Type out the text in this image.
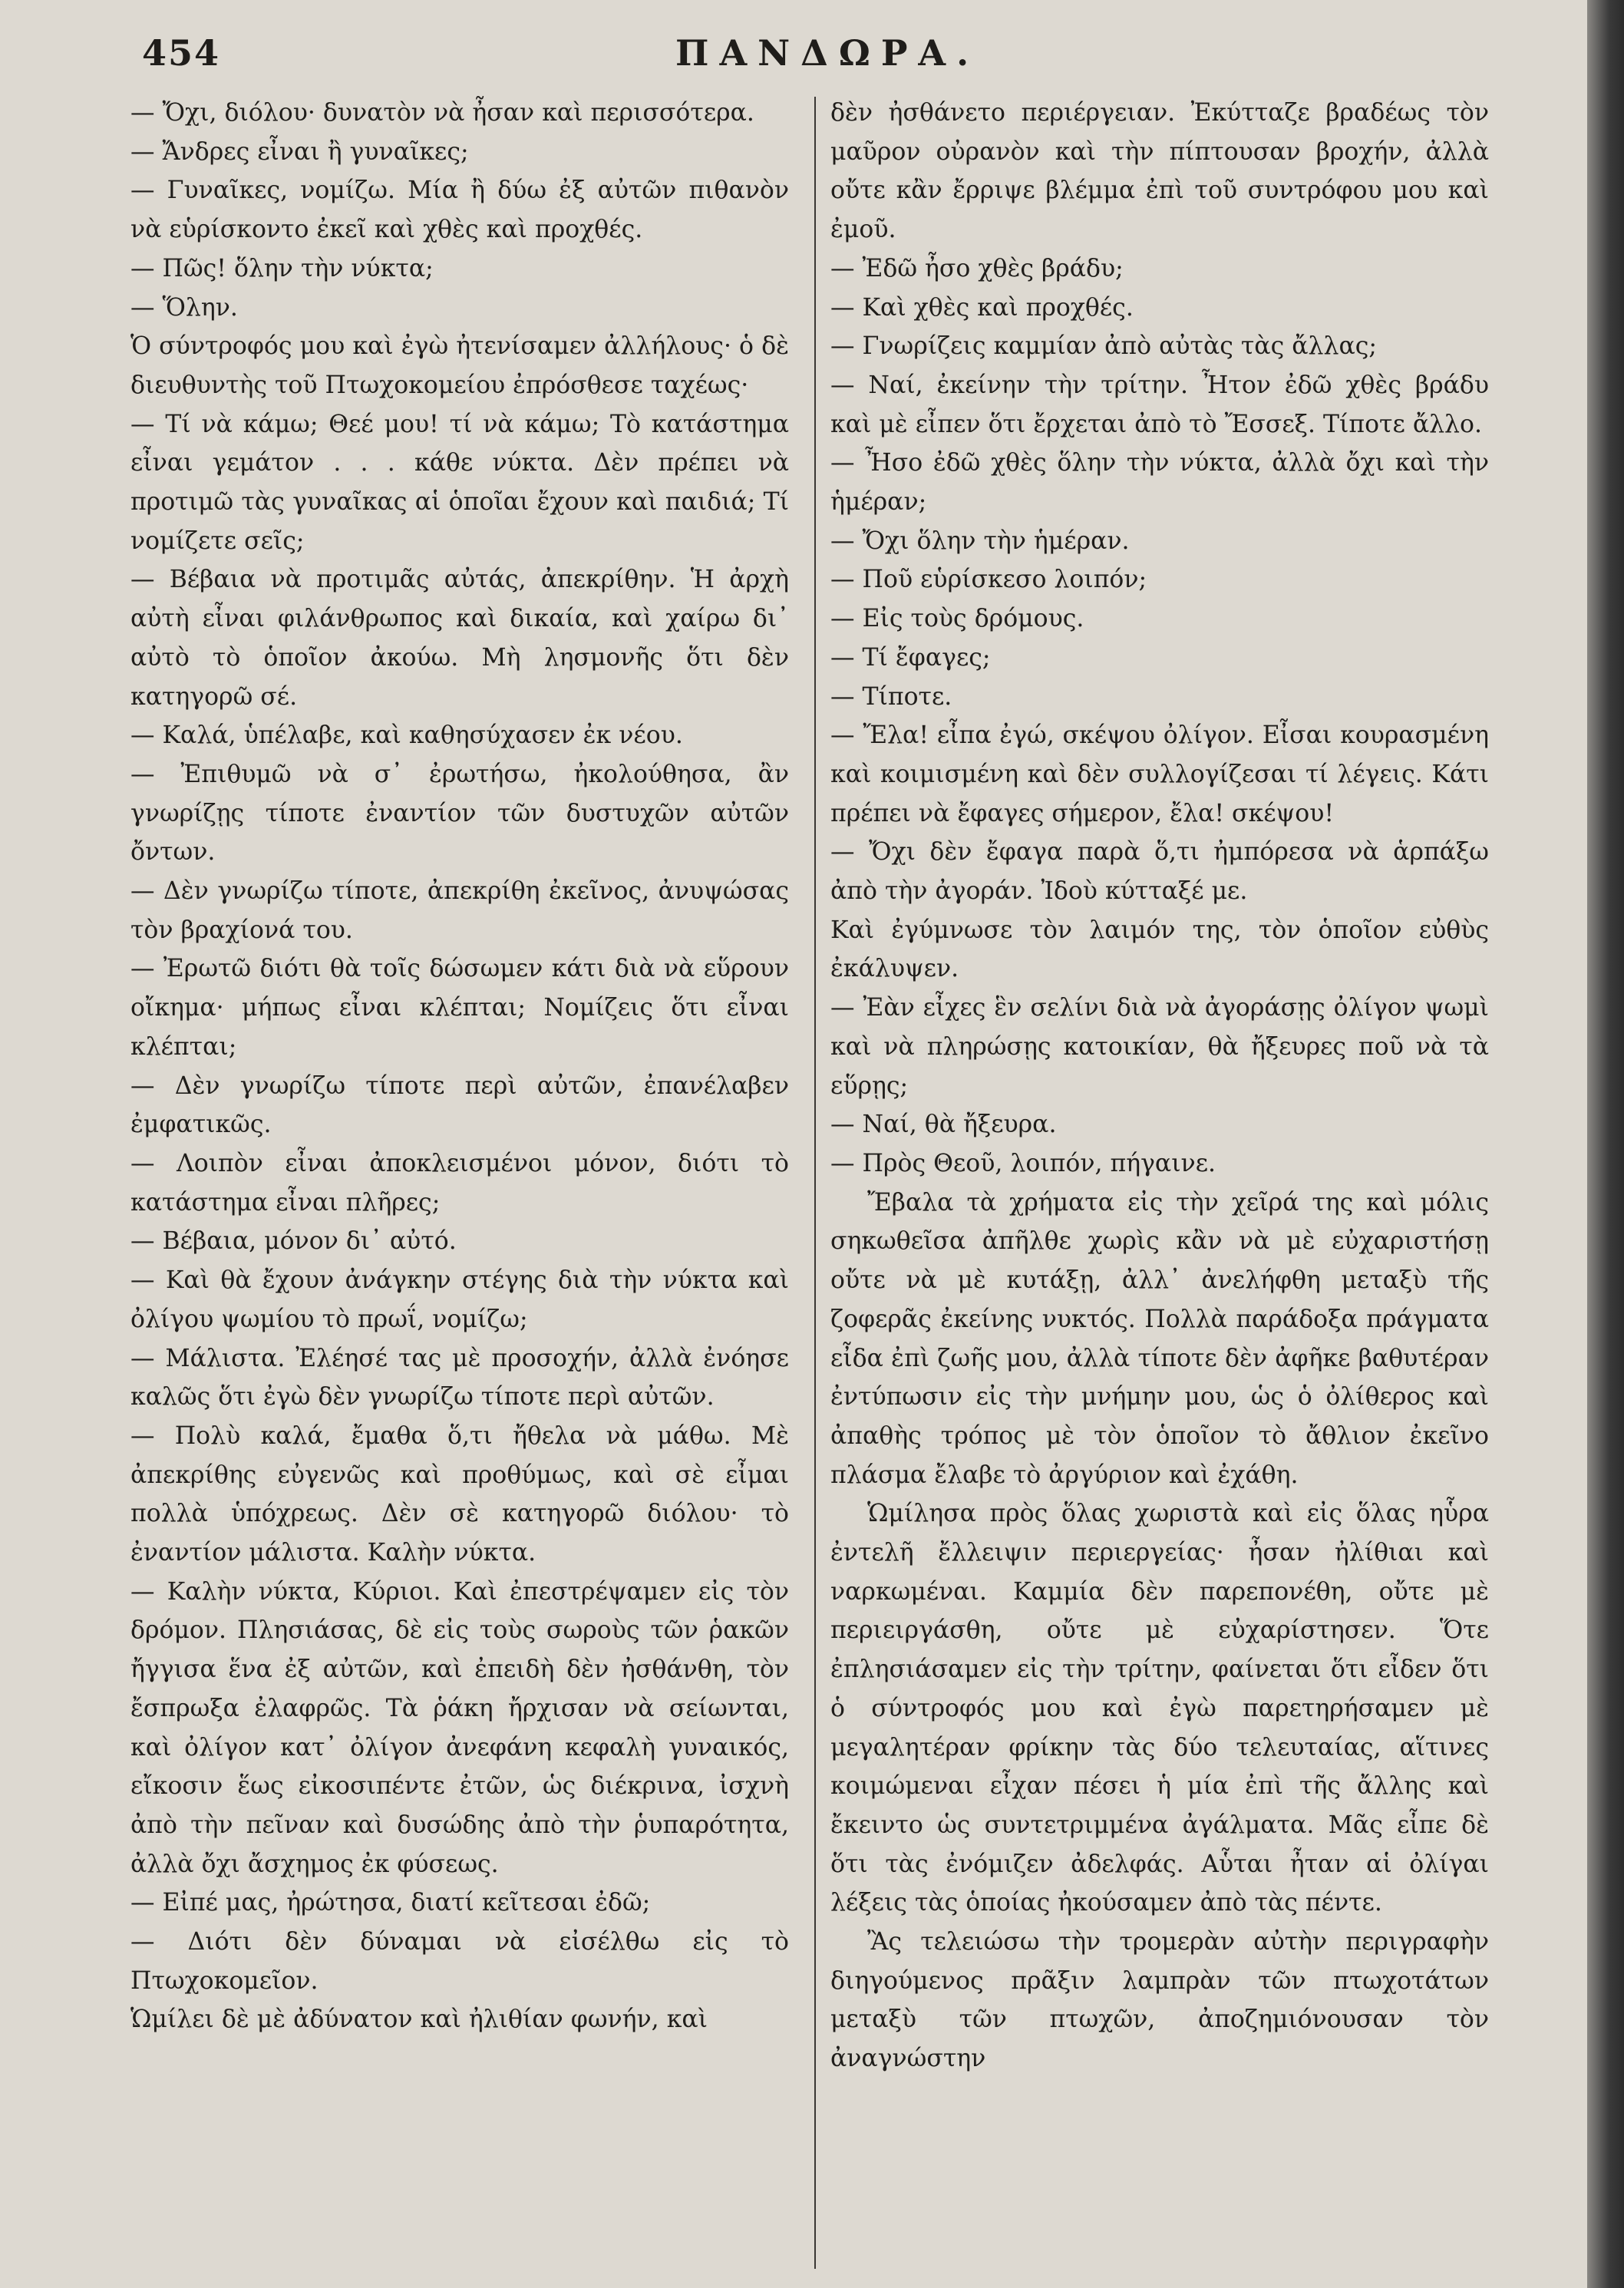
454	ΠΑΝΔΩΡΑ.

— Ὄχι, διόλου· δυνατὸν νὰ ἦσαν καὶ περισσότερα.

— Ἄνδρες εἶναι ἢ γυναῖκες;

— Γυναῖκες, νομίζω. Μία ἢ δύω ἐξ αὐτῶν πιθανὸν νὰ εὑρίσκοντο ἐκεῖ καὶ χθὲς καὶ προχθές.

— Πῶς! ὅλην τὴν νύκτα;

— Ὅλην.

Ὁ σύντροφός μου καὶ ἐγὼ ἠτενίσαμεν ἀλλήλους· ὁ δὲ διευθυντὴς τοῦ Πτωχοκομείου ἐπρόσθεσε ταχέως·

— Τί νὰ κάμω; Θεέ μου! τί νὰ κάμω; Τὸ κατάστημα εἶναι γεμάτον . . . κάθε νύκτα. Δὲν πρέπει νὰ προτιμῶ τὰς γυναῖκας αἱ ὁποῖαι ἔχουν καὶ παιδιά; Τί νομίζετε σεῖς;

— Βέβαια νὰ προτιμᾶς αὐτάς, ἀπεκρίθην. Ἡ ἀρχὴ αὐτὴ εἶναι φιλάνθρωπος καὶ δικαία, καὶ χαίρω δι᾽ αὐτὸ τὸ ὁποῖον ἀκούω. Μὴ λησμονῆς ὅτι δὲν κατηγορῶ σέ.

— Καλά, ὑπέλαβε, καὶ καθησύχασεν ἐκ νέου.

— Ἐπιθυμῶ νὰ σ᾽ ἐρωτήσω, ἠκολούθησα, ἂν γνωρίζῃς τίποτε ἐναντίον τῶν δυστυχῶν αὐτῶν ὄντων.

— Δὲν γνωρίζω τίποτε, ἀπεκρίθη ἐκεῖνος, ἀνυψώσας τὸν βραχίονά του.

— Ἐρωτῶ διότι θὰ τοῖς δώσωμεν κάτι διὰ νὰ εὕρουν οἴκημα· μήπως εἶναι κλέπται; Νομίζεις ὅτι εἶναι κλέπται;

— Δὲν γνωρίζω τίποτε περὶ αὐτῶν, ἐπανέλαβεν ἐμφατικῶς.

— Λοιπὸν εἶναι ἀποκλεισμένοι μόνον, διότι τὸ κατάστημα εἶναι πλῆρες;

— Βέβαια, μόνον δι᾽ αὐτό.

— Καὶ θὰ ἔχουν ἀνάγκην στέγης διὰ τὴν νύκτα καὶ ὀλίγου ψωμίου τὸ πρωΐ, νομίζω;

— Μάλιστα. Ἐλέησέ τας μὲ προσοχήν, ἀλλὰ ἐνόησε καλῶς ὅτι ἐγὼ δὲν γνωρίζω τίποτε περὶ αὐτῶν.

— Πολὺ καλά, ἔμαθα ὅ,τι ἤθελα νὰ μάθω. Μὲ ἀπεκρίθης εὐγενῶς καὶ προθύμως, καὶ σὲ εἶμαι πολλὰ ὑπόχρεως. Δὲν σὲ κατηγορῶ διόλου· τὸ ἐναντίον μάλιστα. Καλὴν νύκτα.

— Καλὴν νύκτα, Κύριοι. Καὶ ἐπεστρέψαμεν εἰς τὸν δρόμον. Πλησιάσας, δὲ εἰς τοὺς σωροὺς τῶν ῥακῶν ἤγγισα ἕνα ἐξ αὐτῶν, καὶ ἐπειδὴ δὲν ἠσθάνθη, τὸν ἔσπρωξα ἐλαφρῶς. Τὰ ῥάκη ἤρχισαν νὰ σείωνται, καὶ ὀλίγον κατ᾽ ὀλίγον ἀνεφάνη κεφαλὴ γυναικός, εἴκοσιν ἕως εἰκοσιπέντε ἐτῶν, ὡς διέκρινα, ἰσχνὴ ἀπὸ τὴν πεῖναν καὶ δυσώδης ἀπὸ τὴν ῥυπαρότητα, ἀλλὰ ὄχι ἄσχημος ἐκ φύσεως.

— Εἰπέ μας, ἠρώτησα, διατί κεῖτεσαι ἐδῶ;

— Διότι δὲν δύναμαι νὰ εἰσέλθω εἰς τὸ Πτωχοκομεῖον.

Ὡμίλει δὲ μὲ ἀδύνατον καὶ ἠλιθίαν φωνήν, καὶ

δὲν ἠσθάνετο περιέργειαν. Ἐκύτταζε βραδέως τὸν μαῦρον οὐρανὸν καὶ τὴν πίπτουσαν βροχήν, ἀλλὰ οὔτε κἂν ἔρριψε βλέμμα ἐπὶ τοῦ συντρόφου μου καὶ ἐμοῦ.

— Ἐδῶ ἦσο χθὲς βράδυ;

— Καὶ χθὲς καὶ προχθές.

— Γνωρίζεις καμμίαν ἀπὸ αὐτὰς τὰς ἄλλας;

— Ναί, ἐκείνην τὴν τρίτην. Ἦτον ἐδῶ χθὲς βράδυ καὶ μὲ εἶπεν ὅτι ἔρχεται ἀπὸ τὸ Ἔσσεξ. Τίποτε ἄλλο.

— Ἦσο ἐδῶ χθὲς ὅλην τὴν νύκτα, ἀλλὰ ὄχι καὶ τὴν ἡμέραν;

— Ὄχι ὅλην τὴν ἡμέραν.

— Ποῦ εὑρίσκεσο λοιπόν;

— Εἰς τοὺς δρόμους.

— Τί ἔφαγες;

— Τίποτε.

— Ἔλα! εἶπα ἐγώ, σκέψου ὀλίγον. Εἶσαι κουρασμένη καὶ κοιμισμένη καὶ δὲν συλλογίζεσαι τί λέγεις. Κάτι πρέπει νὰ ἔφαγες σήμερον, ἔλα! σκέψου!

— Ὄχι δὲν ἔφαγα παρὰ ὅ,τι ἠμπόρεσα νὰ ἁρπάξω ἀπὸ τὴν ἀγοράν. Ἰδοὺ κύτταξέ με.

Καὶ ἐγύμνωσε τὸν λαιμόν της, τὸν ὁποῖον εὐθὺς ἐκάλυψεν.

— Ἐὰν εἶχες ἓν σελίνι διὰ νὰ ἀγοράσῃς ὀλίγον ψωμὶ καὶ νὰ πληρώσῃς κατοικίαν, θὰ ἤξευρες ποῦ νὰ τὰ εὕρῃς;

— Ναί, θὰ ἤξευρα.

— Πρὸς Θεοῦ, λοιπόν, πήγαινε.

Ἔβαλα τὰ χρήματα εἰς τὴν χεῖρά της καὶ μόλις σηκωθεῖσα ἀπῆλθε χωρὶς κἂν νὰ μὲ εὐχαριστήσῃ οὔτε νὰ μὲ κυτάξῃ, ἀλλ᾽ ἀνελήφθη μεταξὺ τῆς ζοφερᾶς ἐκείνης νυκτός. Πολλὰ παράδοξα πράγματα εἶδα ἐπὶ ζωῆς μου, ἀλλὰ τίποτε δὲν ἀφῆκε βαθυτέραν ἐντύπωσιν εἰς τὴν μνήμην μου, ὡς ὁ ὀλίθερος καὶ ἀπαθὴς τρόπος μὲ τὸν ὁποῖον τὸ ἄθλιον ἐκεῖνο πλάσμα ἔλαβε τὸ ἀργύριον καὶ ἐχάθη.

Ὡμίλησα πρὸς ὅλας χωριστὰ καὶ εἰς ὅλας ηὗρα ἐντελῆ ἔλλειψιν περιεργείας· ἦσαν ἠλίθιαι καὶ ναρκωμέναι. Καμμία δὲν παρεπονέθη, οὔτε μὲ περιειργάσθη, οὔτε μὲ εὐχαρίστησεν. Ὅτε ἐπλησιάσαμεν εἰς τὴν τρίτην, φαίνεται ὅτι εἶδεν ὅτι ὁ σύντροφός μου καὶ ἐγὼ παρετηρήσαμεν μὲ μεγαλητέραν φρίκην τὰς δύο τελευταίας, αἵτινες κοιμώμεναι εἶχαν πέσει ἡ μία ἐπὶ τῆς ἄλλης καὶ ἔκειντο ὡς συντετριμμένα ἀγάλματα. Μᾶς εἶπε δὲ ὅτι τὰς ἐνόμιζεν ἀδελφάς. Αὗται ἦταν αἱ ὀλίγαι λέξεις τὰς ὁποίας ἠκούσαμεν ἀπὸ τὰς πέντε.

Ἂς τελειώσω τὴν τρομερὰν αὐτὴν περιγραφὴν διηγούμενος πρᾶξιν λαμπρὰν τῶν πτωχοτάτων μεταξὺ τῶν πτωχῶν, ἀποζημιόνουσαν τὸν ἀναγνώστην
